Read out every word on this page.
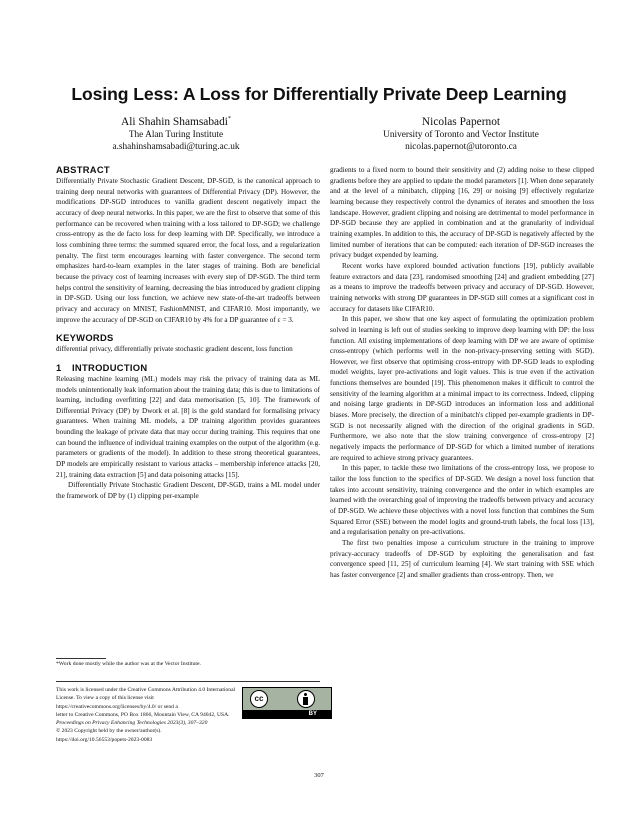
Losing Less: A Loss for Differentially Private Deep Learning
Ali Shahin Shamsabadi*
The Alan Turing Institute
a.shahinshamsabadi@turing.ac.uk
Nicolas Papernot
University of Toronto and Vector Institute
nicolas.papernot@utoronto.ca
ABSTRACT

Differentially Private Stochastic Gradient Descent, DP-SGD, is the canonical approach to training deep neural networks with guarantees of Differential Privacy (DP). However, the modifications DP-SGD introduces to vanilla gradient descent negatively impact the accuracy of deep neural networks. In this paper, we are the first to observe that some of this performance can be recovered when training with a loss tailored to DP-SGD; we challenge cross-entropy as the de facto loss for deep learning with DP. Specifically, we introduce a loss combining three terms: the summed squared error, the focal loss, and a regularization penalty. The first term encourages learning with faster convergence. The second term emphasizes hard-to-learn examples in the later stages of training. Both are beneficial because the privacy cost of learning increases with every step of DP-SGD. The third term helps control the sensitivity of learning, decreasing the bias introduced by gradient clipping in DP-SGD. Using our loss function, we achieve new state-of-the-art tradeoffs between privacy and accuracy on MNIST, FashionMNIST, and CIFAR10. Most importantly, we improve the accuracy of DP-SGD on CIFAR10 by 4% for a DP guarantee of ε = 3.

KEYWORDS

differential privacy, differentially private stochastic gradient descent, loss function

1 INTRODUCTION

Releasing machine learning (ML) models may risk the privacy of training data as ML models unintentionally leak information about the training data; this is due to limitations of learning, including overfitting [22] and data memorisation [5, 10]. The framework of Differential Privacy (DP) by Dwork et al. [8] is the gold standard for formalising privacy guarantees. When training ML models, a DP training algorithm provides guarantees bounding the leakage of private data that may occur during training. This requires that one can bound the influence of individual training examples on the output of the algorithm (e.g. parameters or gradients of the model). In addition to these strong theoretical guarantees, DP models are empirically resistant to various attacks – membership inference attacks [20, 21], training data extraction [5] and data poisoning attacks [15].

Differentially Private Stochastic Gradient Descent, DP-SGD, trains a ML model under the framework of DP by (1) clipping per-example

*Work done mostly while the author was at the Vector Institute.
cc
BY

This work is licensed under the Creative Commons Attribution 4.0 International License. To view a copy of this license visit https://creativecommons.org/licenses/by/4.0/ or send a

letter to Creative Commons, PO Box 1866, Mountain View, CA 94042, USA.

Proceedings on Privacy Enhancing Technologies 2023(3), 307–320

© 2023 Copyright held by the owner/author(s).

https://doi.org/10.56553/popets-2023-0083

gradients to a fixed norm to bound their sensitivity and (2) adding noise to these clipped gradients before they are applied to update the model parameters [1]. When done separately and at the level of a minibatch, clipping [16, 29] or noising [9] effectively regularize learning because they respectively control the dynamics of iterates and smoothen the loss landscape. However, gradient clipping and noising are detrimental to model performance in DP-SGD because they are applied in combination and at the granularity of individual training examples. In addition to this, the accuracy of DP-SGD is negatively affected by the limited number of iterations that can be computed: each iteration of DP-SGD increases the privacy budget expended by learning.

Recent works have explored bounded activation functions [19], publicly available feature extractors and data [23], randomised smoothing [24] and gradient embedding [27] as a means to improve the tradeoffs between privacy and accuracy of DP-SGD. However, training networks with strong DP guarantees in DP-SGD still comes at a significant cost in accuracy for datasets like CIFAR10.

In this paper, we show that one key aspect of formulating the optimization problem solved in learning is left out of studies seeking to improve deep learning with DP: the loss function. All existing implementations of deep learning with DP we are aware of optimise cross-entropy (which performs well in the non-privacy-preserving setting with SGD). However, we first observe that optimising cross-entropy with DP-SGD leads to exploding model weights, layer pre-activations and logit values. This is true even if the activation functions themselves are bounded [19]. This phenomenon makes it difficult to control the sensitivity of the learning algorithm at a minimal impact to its correctness. Indeed, clipping and noising large gradients in DP-SGD introduces an information loss and additional biases. More precisely, the direction of a minibatch's clipped per-example gradients in DP-SGD is not necessarily aligned with the direction of the original gradients in SGD. Furthermore, we also note that the slow training convergence of cross-entropy [2] negatively impacts the performance of DP-SGD for which a limited number of iterations are required to achieve strong privacy guarantees.

In this paper, to tackle these two limitations of the cross-entropy loss, we propose to tailor the loss function to the specifics of DP-SGD. We design a novel loss function that takes into account sensitivity, training convergence and the order in which examples are learned with the overarching goal of improving the tradeoffs between privacy and accuracy of DP-SGD. We achieve these objectives with a novel loss function that combines the Sum Squared Error (SSE) between the model logits and ground-truth labels, the focal loss [13], and a regularisation penalty on pre-activations.

The first two penalties impose a curriculum structure in the training to improve privacy-accuracy tradeoffs of DP-SGD by exploiting the generalisation and fast convergence speed [11, 25] of curriculum learning [4]. We start training with SSE which has faster convergence [2] and smaller gradients than cross-entropy. Then, we

307
